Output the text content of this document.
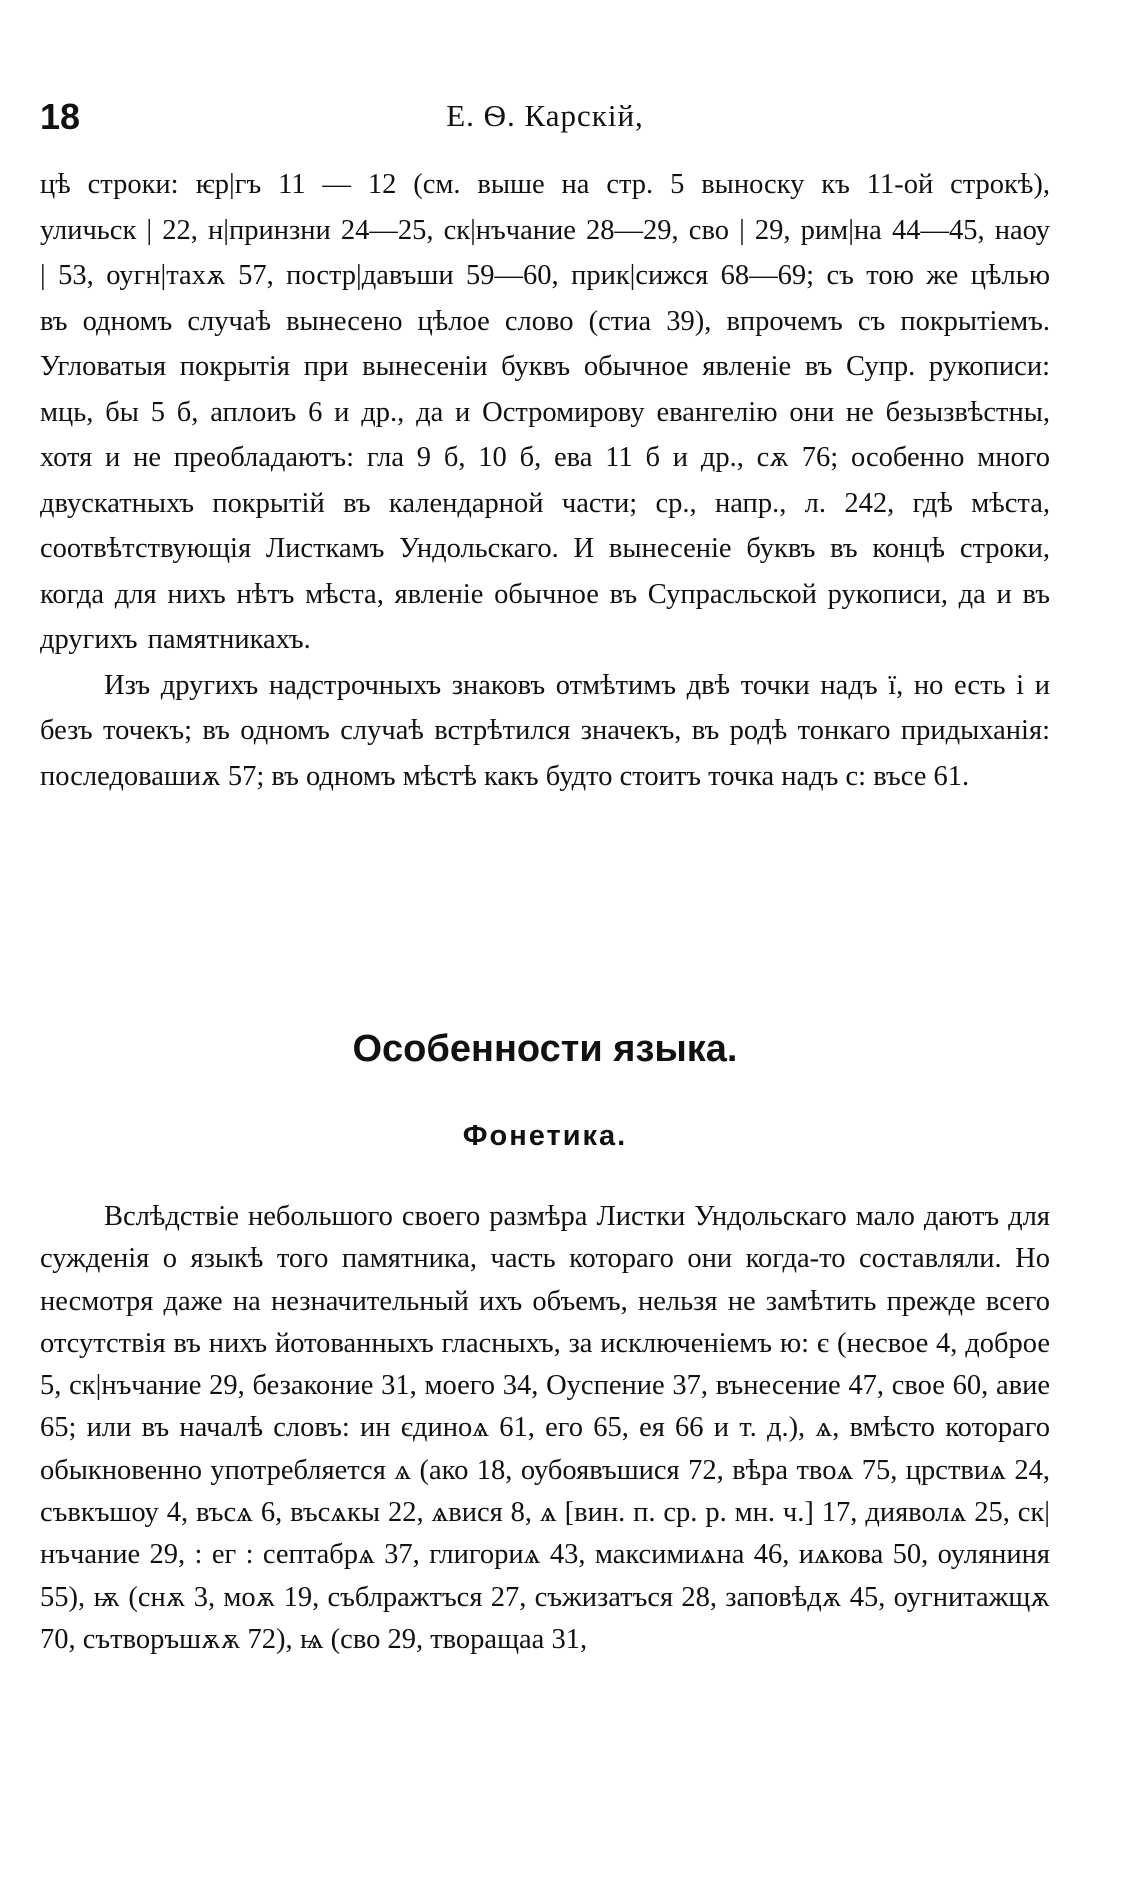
18	Е. Ѳ. Карскій,

цѣ строки: ѥр|гъ 11 — 12 (см. выше на стр. 5 выноску къ 11-ой строкѣ), уличьск | 22, н|принзни 24—25, ск|нъчание 28—29, сво | 29, рим|на 44—45, наоу | 53, оугн|тахѫ 57, постр|давъши 59—60, прик|сижся 68—69; съ тою же цѣлью въ одномъ случаѣ вынесено цѣлое слово (стиа 39), впрочемъ съ покрытіемъ. Угловатыя покрытія при вынесеніи буквъ обычное явленіе въ Супр. рукописи: мць, бы 5 б, аплоиъ 6 и др., да и Остромирову евангелію они не безызвѣстны, хотя и не преобладаютъ: гла 9 б, 10 б, ева 11 б и др., сѫ 76; особенно много двускатныхъ покрытій въ календарной части; ср., напр., л. 242, гдѣ мѣста, соотвѣтствующія Листкамъ Ундольскаго. И вынесеніе буквъ въ концѣ строки, когда для нихъ нѣтъ мѣста, явленіе обычное въ Супрасльской рукописи, да и въ другихъ памятникахъ.

Изъ другихъ надстрочныхъ знаковъ отмѣтимъ двѣ точки надъ ї, но есть і и безъ точекъ; въ одномъ случаѣ встрѣтился значекъ, въ родѣ тонкаго придыханія: последовашиѫ 57; въ одномъ мѣстѣ какъ будто стоитъ точка надъ с: въсе 61.

Особенности языка.
Фонетика.

Вслѣдствіе небольшого своего размѣра Листки Ундольскаго мало даютъ для сужденія о языкѣ того памятника, часть котораго они когда-то составляли. Но несмотря даже на незначительный ихъ объемъ, нельзя не замѣтить прежде всего отсутствія въ нихъ йотованныхъ гласныхъ, за исключеніемъ ю: є (несвое 4, доброе 5, ск|нъчание 29, безаконие 31, моего 34, Оуспение 37, вънесение 47, свое 60, авие 65; или въ началѣ словъ: ин єдиноѧ 61, его 65, ея 66 и т. д.), ѧ, вмѣсто котораго обыкновенно употребляется ѧ (ако 18, оубоявъшися 72, вѣра твоѧ 75, црствиѧ 24, съвкъшоу 4, въсѧ 6, въсѧкы 22, ѧвися 8, ѧ [вин. п. ср. р. мн. ч.] 17, дияволѧ 25, ск|нъчание 29, : ег : септабрѧ 37, глигориѧ 43, максимиѧна 46, иѧкова 50, оуляниня 55), ѭ (снѫ 3, мoѫ 19, съблражтъся 27, съжизатъся 28, заповѣдѫ 45, оугнитажщѫ 70, сътворъшѫѫ 72), ѩ (сво 29, творащаа 31,
